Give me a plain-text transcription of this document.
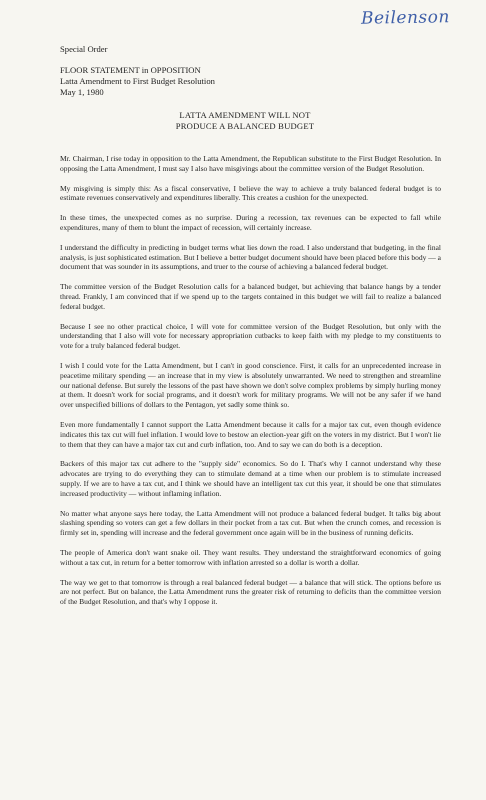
Beilenson
Special Order
FLOOR STATEMENT in OPPOSITION
Latta Amendment to First Budget Resolution
May 1, 1980
LATTA AMENDMENT WILL NOT
PRODUCE A BALANCED BUDGET

Mr. Chairman, I rise today in opposition to the Latta Amendment, the Republican substitute to the First Budget Resolution. In opposing the Latta Amendment, I must say I also have misgivings about the committee version of the Budget Resolution.

My misgiving is simply this: As a fiscal conservative, I believe the way to achieve a truly balanced federal budget is to estimate revenues conservatively and expenditures liberally. This creates a cushion for the unexpected.

In these times, the unexpected comes as no surprise. During a recession, tax revenues can be expected to fall while expenditures, many of them to blunt the impact of recession, will certainly increase.

I understand the difficulty in predicting in budget terms what lies down the road. I also understand that budgeting, in the final analysis, is just sophisticated estimation. But I believe a better budget document should have been placed before this body — a document that was sounder in its assumptions, and truer to the course of achieving a balanced federal budget.

The committee version of the Budget Resolution calls for a balanced budget, but achieving that balance hangs by a tender thread. Frankly, I am convinced that if we spend up to the targets contained in this budget we will fail to realize a balanced federal budget.

Because I see no other practical choice, I will vote for committee version of the Budget Resolution, but only with the understanding that I also will vote for necessary appropriation cutbacks to keep faith with my pledge to my constituents to vote for a truly balanced federal budget.

I wish I could vote for the Latta Amendment, but I can't in good conscience. First, it calls for an unprecedented increase in peacetime military spending — an increase that in my view is absolutely unwarranted. We need to strengthen and streamline our national defense. But surely the lessons of the past have shown we don't solve complex problems by simply hurling money at them. It doesn't work for social programs, and it doesn't work for military programs. We will not be any safer if we hand over unspecified billions of dollars to the Pentagon, yet sadly some think so.

Even more fundamentally I cannot support the Latta Amendment because it calls for a major tax cut, even though evidence indicates this tax cut will fuel inflation. I would love to bestow an election-year gift on the voters in my district. But I won't lie to them that they can have a major tax cut and curb inflation, too. And to say we can do both is a deception.

Backers of this major tax cut adhere to the "supply side" economics. So do I. That's why I cannot understand why these advocates are trying to do everything they can to stimulate demand at a time when our problem is to stimulate increased supply. If we are to have a tax cut, and I think we should have an intelligent tax cut this year, it should be one that stimulates increased productivity — without inflaming inflation.

No matter what anyone says here today, the Latta Amendment will not produce a balanced federal budget. It talks big about slashing spending so voters can get a few dollars in their pocket from a tax cut. But when the crunch comes, and recession is firmly set in, spending will increase and the federal government once again will be in the business of running deficits.

The people of America don't want snake oil. They want results. They understand the straightforward economics of going without a tax cut, in return for a better tomorrow with inflation arrested so a dollar is worth a dollar.

The way we get to that tomorrow is through a real balanced federal budget — a balance that will stick. The options before us are not perfect. But on balance, the Latta Amendment runs the greater risk of returning to deficits than the committee version of the Budget Resolution, and that's why I oppose it.
